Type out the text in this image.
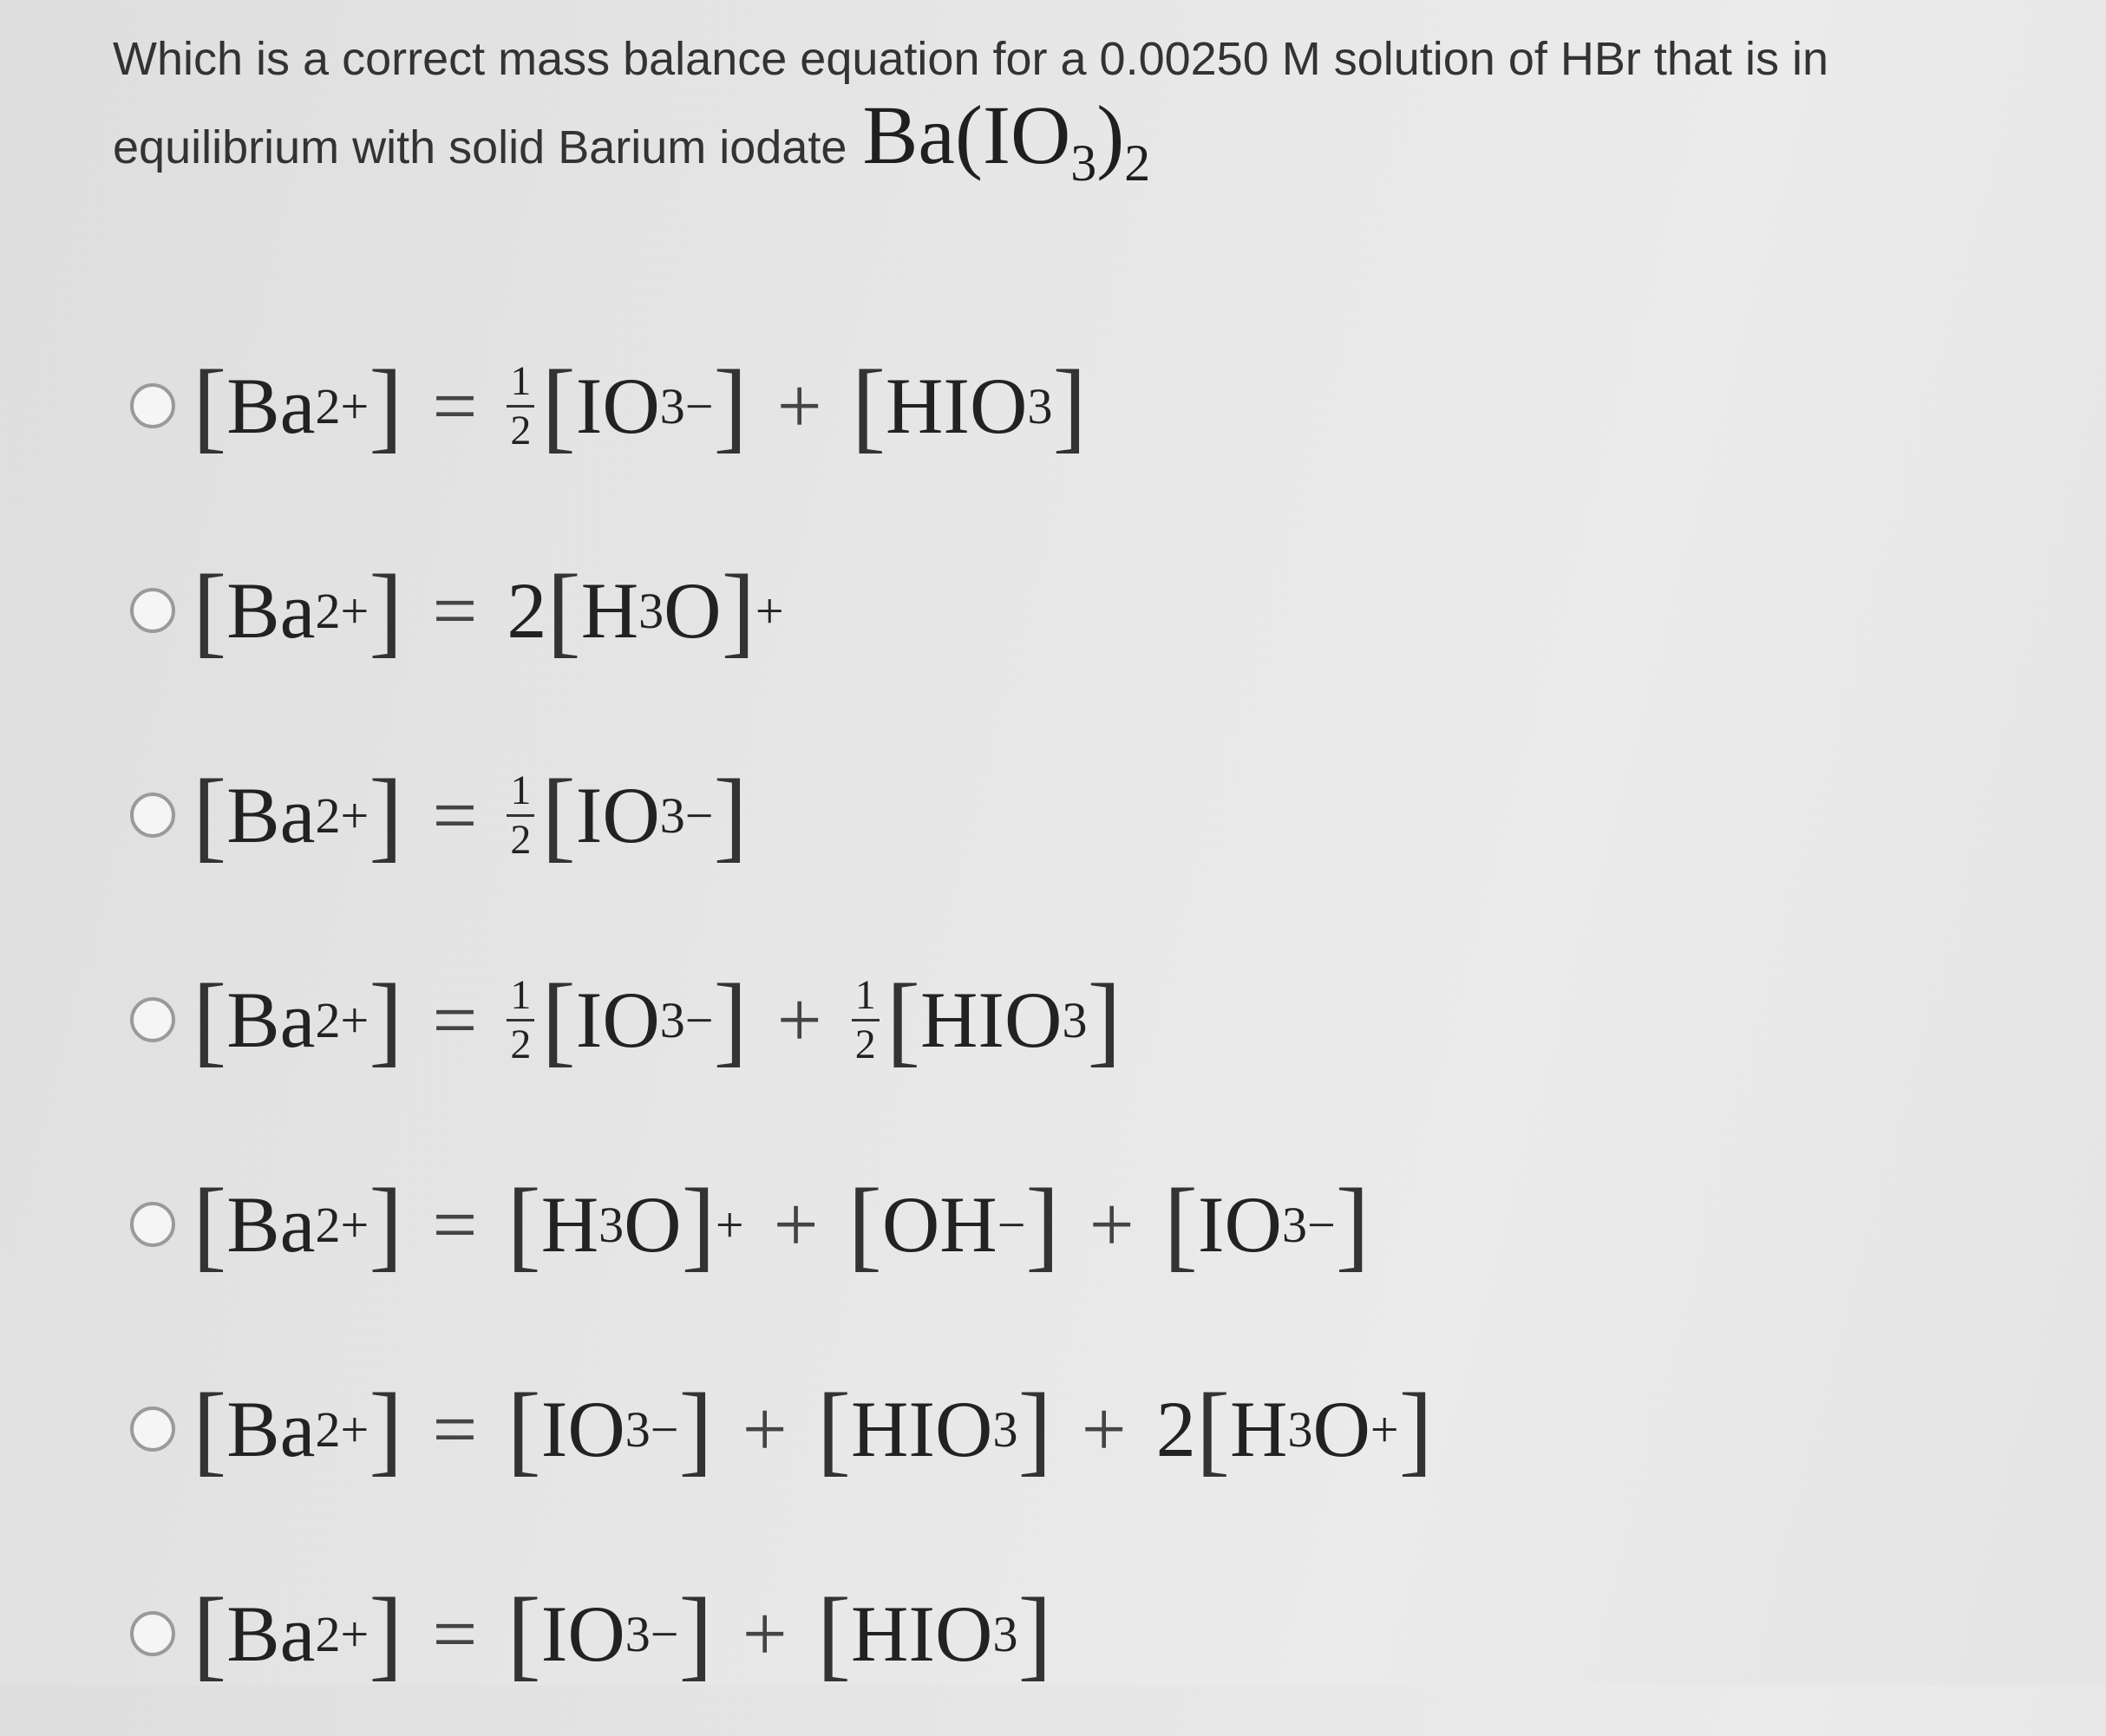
Which is a correct mass balance equation for a 0.00250 M solution of HBr that is in
equilibrium with solid Barium iodate $Ba(IO_3)_2$
[ Ba 2+ ] = $\frac{1}{2}$ [ IO 3 − ] + [ HIO 3 ]
[ Ba 2+ ] = 2 [ H 3 O ] +
[ Ba 2+ ] = $\frac{1}{2}$ [ IO 3 − ]
[ Ba 2+ ] = $\frac{1}{2}$ [ IO 3 − ] + $\frac{1}{2}$ [ HIO 3 ]
[ Ba 2+ ] = [ H 3 O ] + + [ OH − ] + [ IO 3 − ]
[ Ba 2+ ] = [ IO 3 − ] + [ HIO 3 ] + 2 [ H 3 O + ]
[ Ba 2+ ] = [ IO 3 − ] + [ HIO 3 ]
